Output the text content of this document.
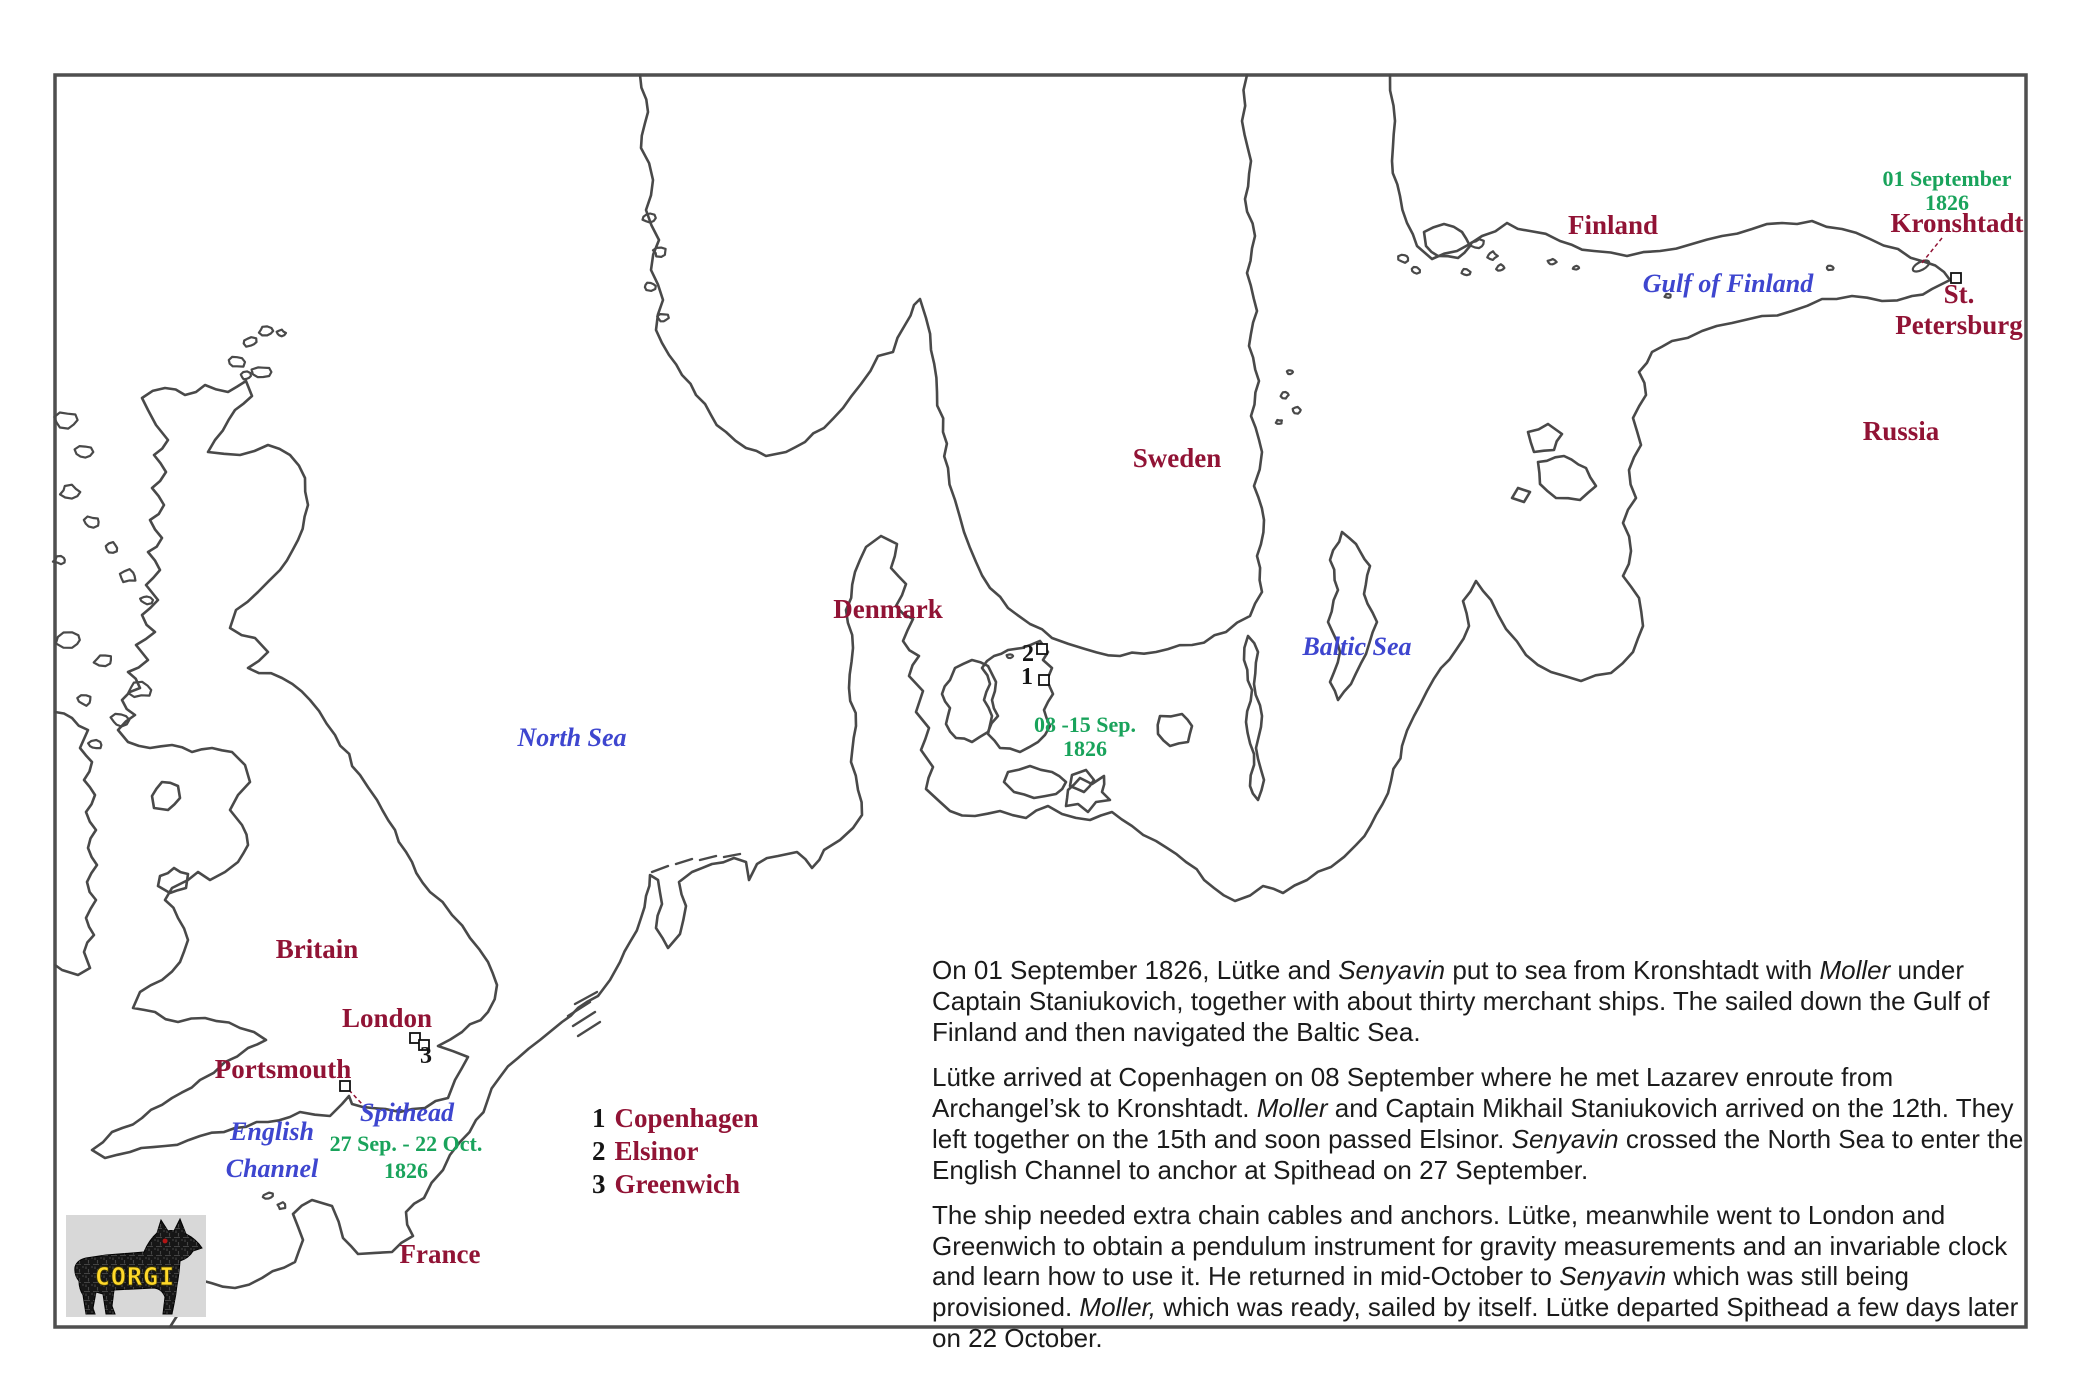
Finland
Gulf of Finland
01 September
1826
Kronshtadt
St.
Petersburg
Russia
Sweden
Baltic Sea
Denmark
2
1
08 -15 Sep.
1826
North Sea
Britain
London
3
Portsmouth
Spithead
27 Sep. - 22 Oct.
1826
English
Channel
France
1 Copenhagen
2 Elsinor
3 Greenwich

On 01 September 1826, Lütke and Senyavin put to sea from Kronshtadt with Moller under Captain Staniukovich, together with about thirty merchant ships. The sailed down the Gulf of Finland and then navigated the Baltic Sea.

Lütke arrived at Copenhagen on 08 September where he met Lazarev enroute from Archangel’sk to Kronshtadt. Moller and Captain Mikhail Staniukovich arrived on the 12th. They left together on the 15th and soon passed Elsinor. Senyavin crossed the North Sea to enter the English Channel to anchor at Spithead on 27 September.

The ship needed extra chain cables and anchors. Lütke, meanwhile went to London and Greenwich to obtain a pendulum instrument for gravity measurements and an invariable clock and learn how to use it. He returned in mid-October to Senyavin which was still being provisioned. Moller, which was ready, sailed by itself. Lütke departed Spithead a few days later on 22 October.

CORGI
